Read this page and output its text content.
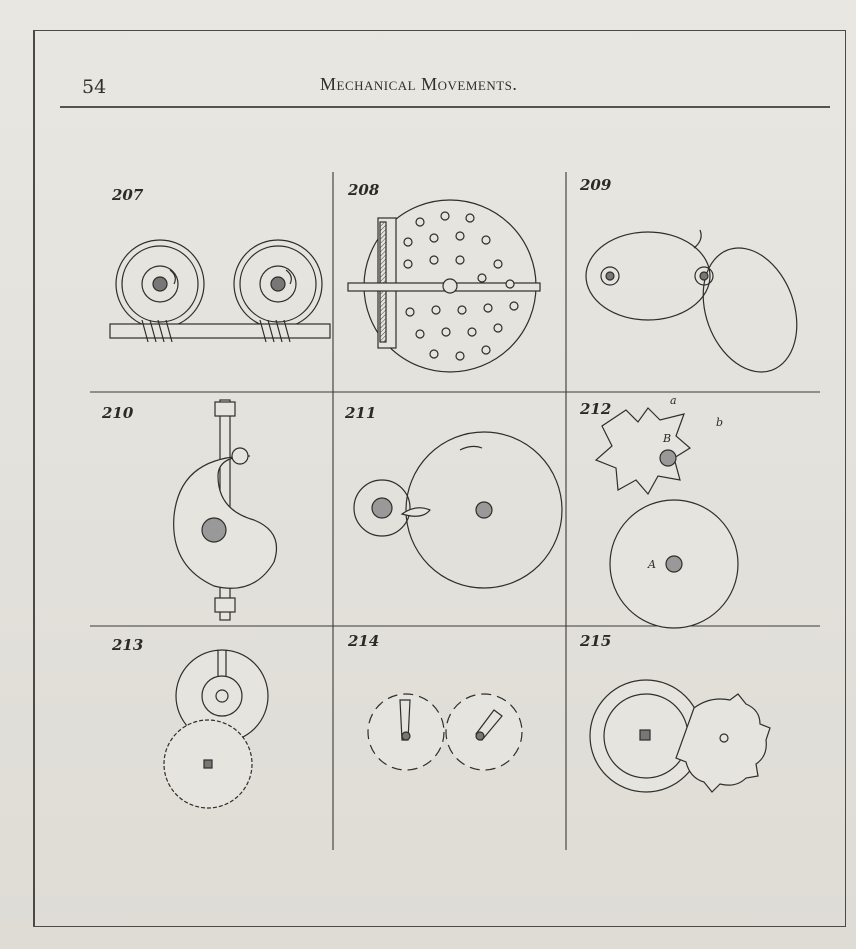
54	Mechanical Movements.
207	208	209
210	211	212
213	214	215
a
b
B
A
